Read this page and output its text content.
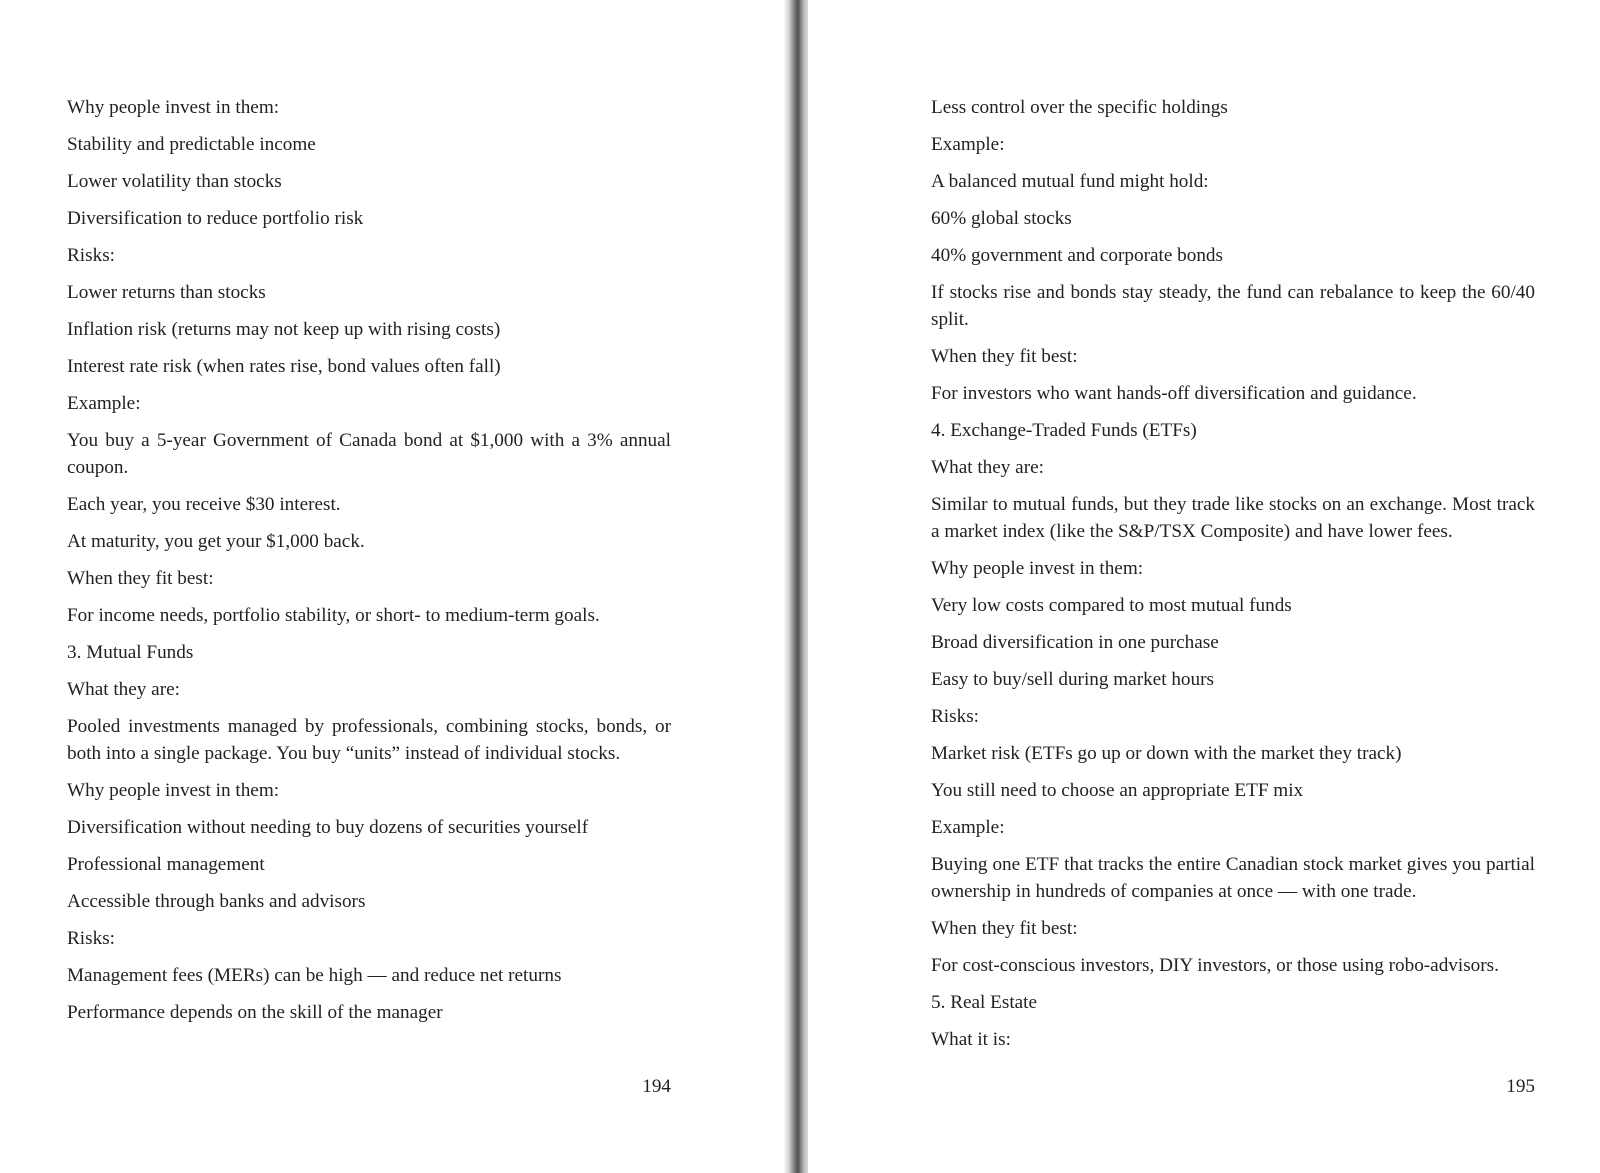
Why people invest in them:

Stability and predictable income

Lower volatility than stocks

Diversification to reduce portfolio risk

Risks:

Lower returns than stocks

Inflation risk (returns may not keep up with rising costs)

Interest rate risk (when rates rise, bond values often fall)

Example:

You buy a 5-year Government of Canada bond at $1,000 with a 3% annual coupon.

Each year, you receive $30 interest.

At maturity, you get your $1,000 back.

When they fit best:

For income needs, portfolio stability, or short- to medium-term goals.

3. Mutual Funds

What they are:

Pooled investments managed by professionals, combining stocks, bonds, or both into a single package. You buy “units” instead of individual stocks.

Why people invest in them:

Diversification without needing to buy dozens of securities yourself

Professional management

Accessible through banks and advisors

Risks:

Management fees (MERs) can be high — and reduce net returns

Performance depends on the skill of the manager

194

Less control over the specific holdings

Example:

A balanced mutual fund might hold:

60% global stocks

40% government and corporate bonds

If stocks rise and bonds stay steady, the fund can rebalance to keep the 60/40 split.

When they fit best:

For investors who want hands-off diversification and guidance.

4. Exchange-Traded Funds (ETFs)

What they are:

Similar to mutual funds, but they trade like stocks on an exchange. Most track a market index (like the S&P/TSX Composite) and have lower fees.

Why people invest in them:

Very low costs compared to most mutual funds

Broad diversification in one purchase

Easy to buy/sell during market hours

Risks:

Market risk (ETFs go up or down with the market they track)

You still need to choose an appropriate ETF mix

Example:

Buying one ETF that tracks the entire Canadian stock market gives you partial ownership in hundreds of companies at once — with one trade.

When they fit best:

For cost-conscious investors, DIY investors, or those using robo-advisors.

5. Real Estate

What it is:

195
